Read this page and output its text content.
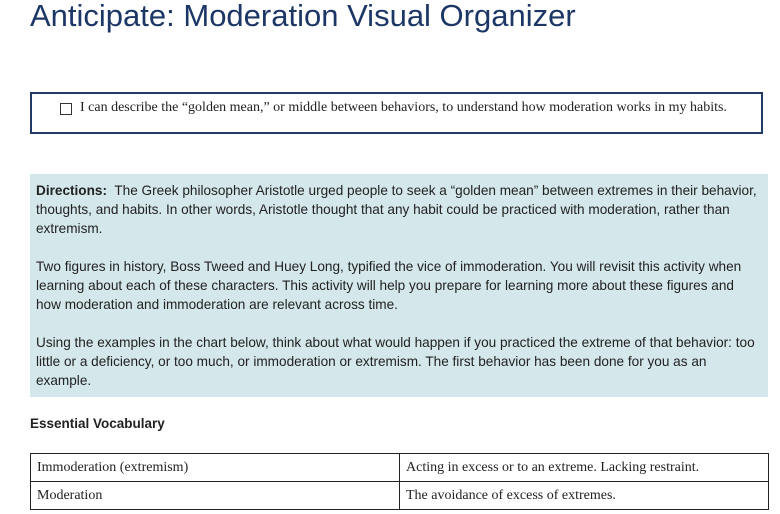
Anticipate: Moderation Visual Organizer
I can describe the “golden mean,” or middle between behaviors, to understand how moderation works in my habits.

Directions: The Greek philosopher Aristotle urged people to seek a “golden mean” between extremes in their behavior, thoughts, and habits. In other words, Aristotle thought that any habit could be practiced with moderation, rather than extremism.

Two figures in history, Boss Tweed and Huey Long, typified the vice of immoderation. You will revisit this activity when learning about each of these characters. This activity will help you prepare for learning more about these figures and how moderation and immoderation are relevant across time.

Using the examples in the chart below, think about what would happen if you practiced the extreme of that behavior: too little or a deficiency, or too much, or immoderation or extremism. The first behavior has been done for you as an example.

Essential Vocabulary
Immoderation (extremism)	Acting in excess or to an extreme. Lacking restraint.
Moderation	The avoidance of excess of extremes.
